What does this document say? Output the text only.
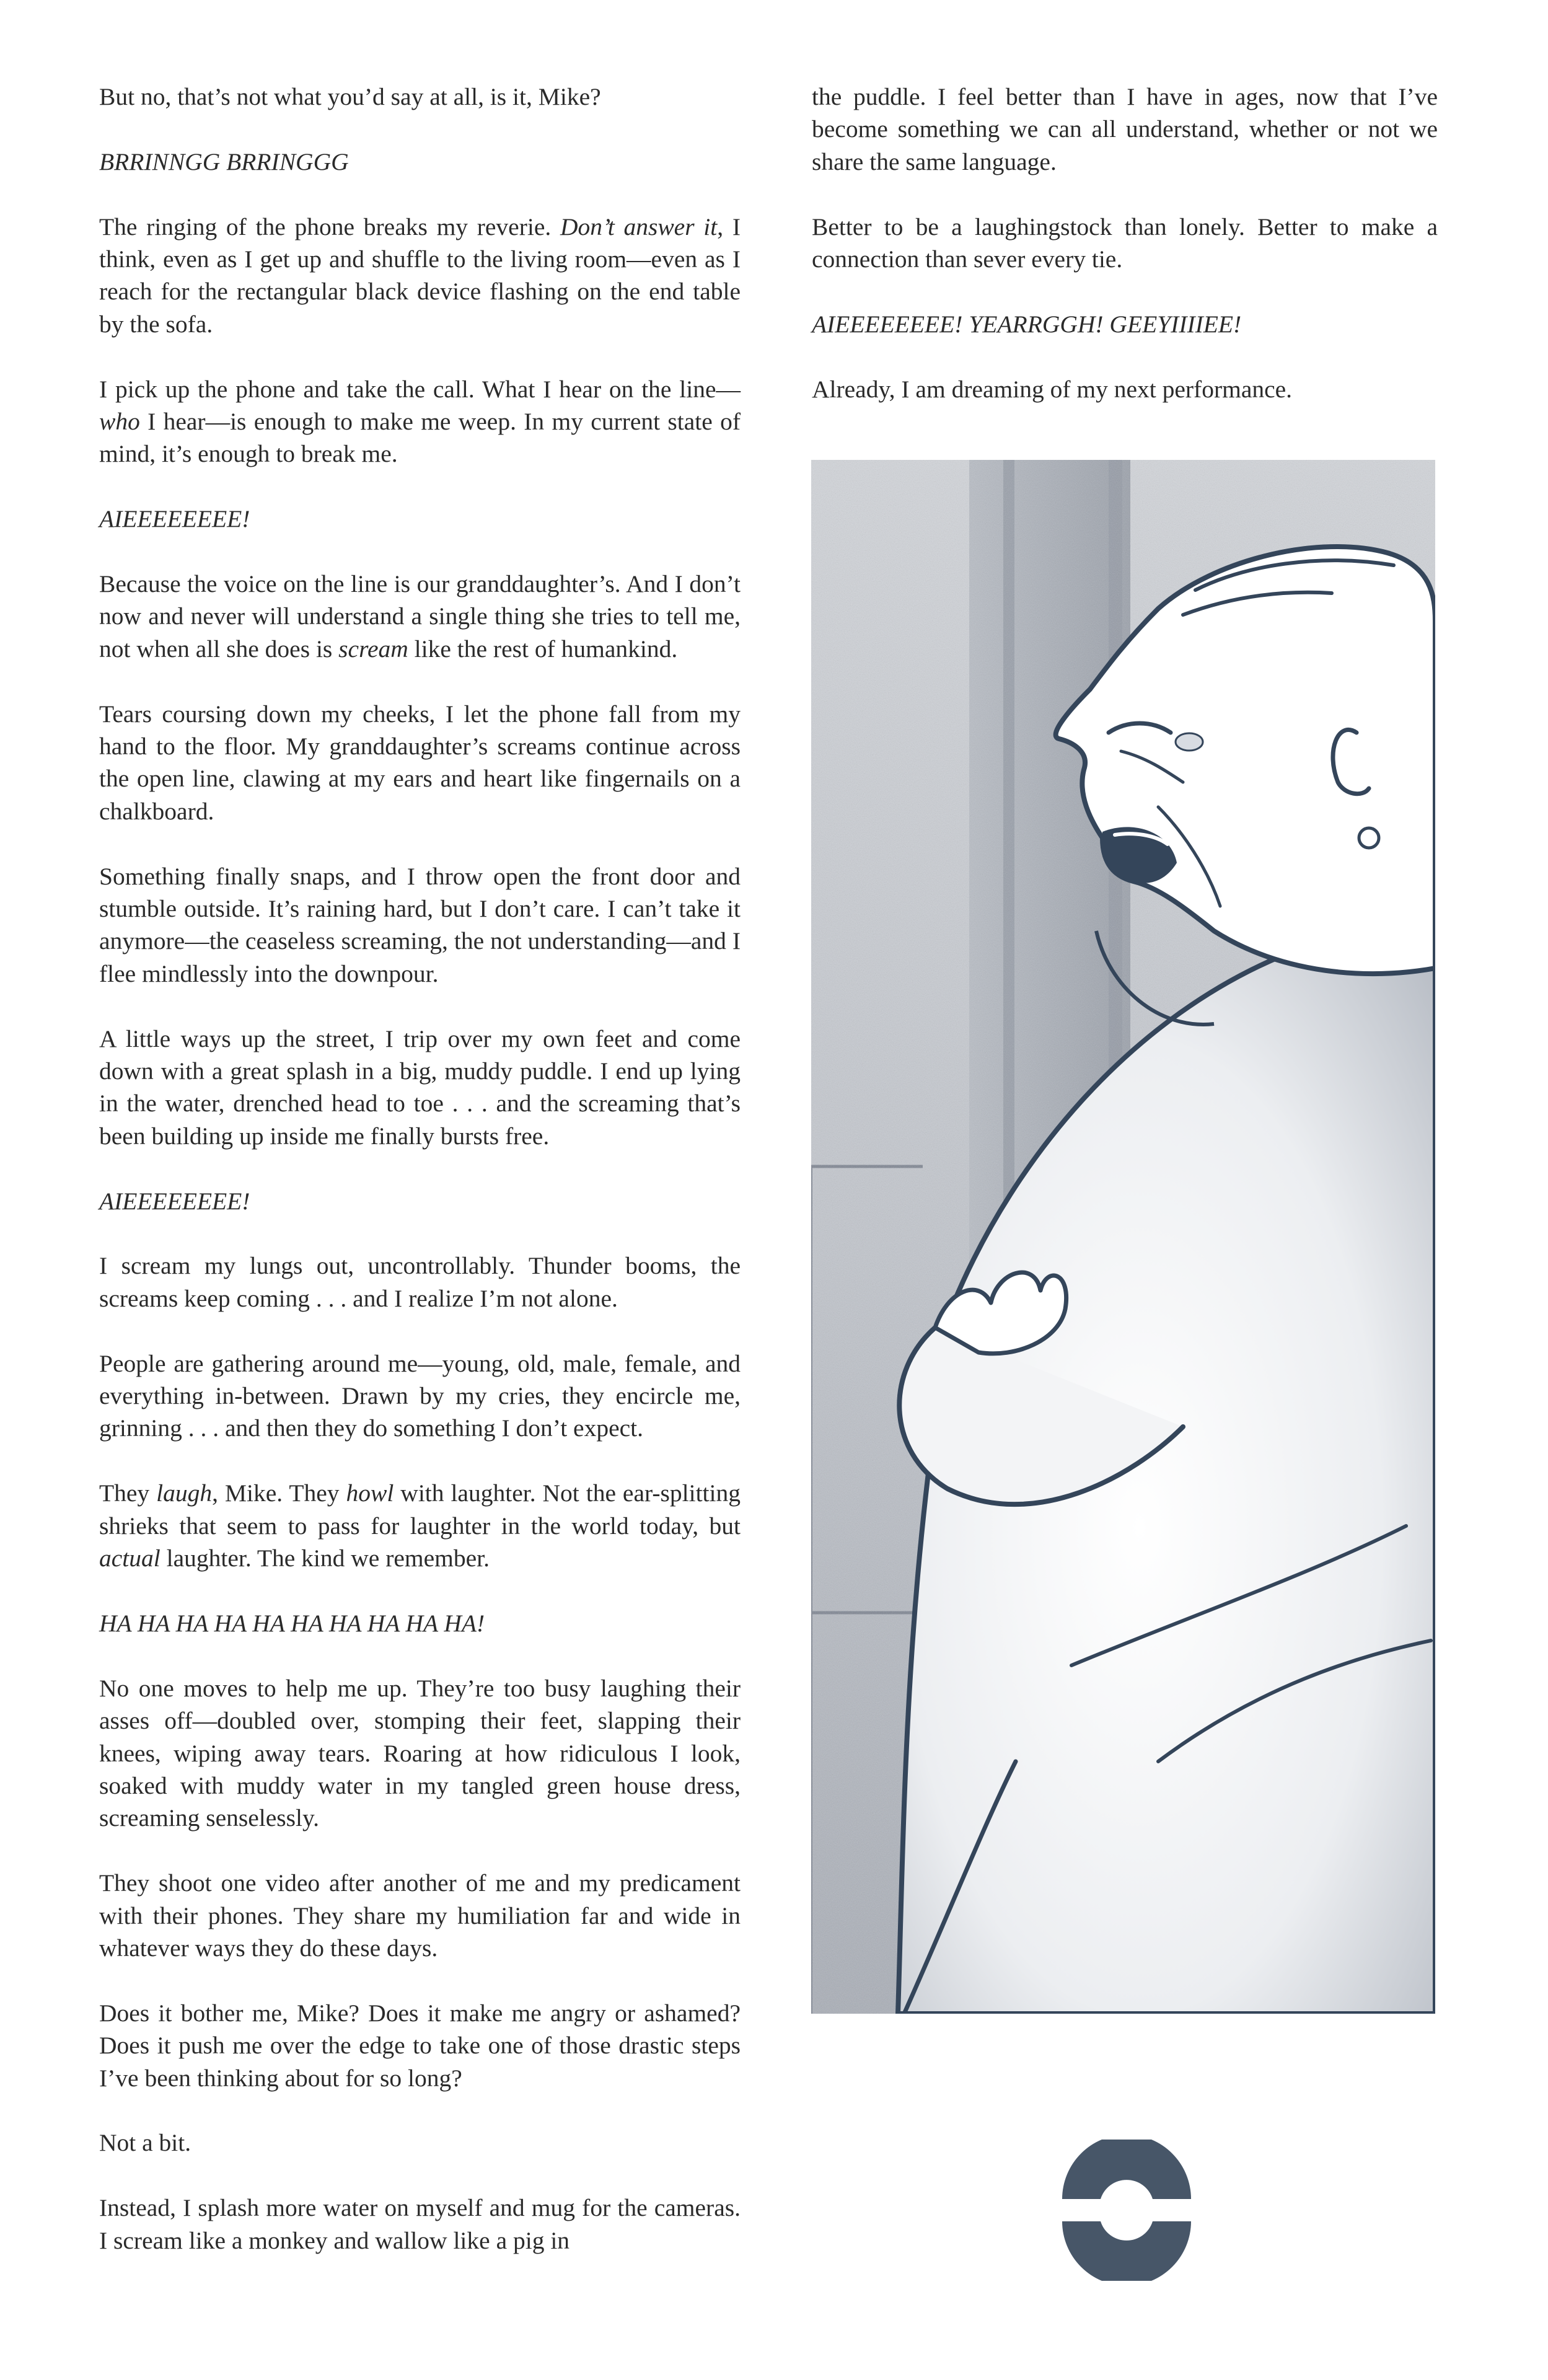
But no, that’s not what you’d say at all, is it, Mike?

BRRINNGG BRRINGGG

The ringing of the phone breaks my reverie. Don’t answer it, I think, even as I get up and shuffle to the living room—even as I reach for the rectangular black device flashing on the end table by the sofa.

I pick up the phone and take the call. What I hear on the line—who I hear—is enough to make me weep. In my current state of mind, it’s enough to break me.

AIEEEEEEEE!

Because the voice on the line is our granddaughter’s. And I don’t now and never will understand a single thing she tries to tell me, not when all she does is scream like the rest of humankind.

Tears coursing down my cheeks, I let the phone fall from my hand to the floor. My granddaughter’s screams continue across the open line, clawing at my ears and heart like fingernails on a chalkboard.

Something finally snaps, and I throw open the front door and stumble outside. It’s raining hard, but I don’t care. I can’t take it anymore—the ceaseless screaming, the not understanding—and I flee mindlessly into the downpour.

A little ways up the street, I trip over my own feet and come down with a great splash in a big, muddy puddle. I end up lying in the water, drenched head to toe . . . and the screaming that’s been building up inside me finally bursts free.

AIEEEEEEEE!

I scream my lungs out, uncontrollably. Thunder booms, the screams keep coming . . . and I realize I’m not alone.

People are gathering around me—young, old, male, female, and everything in-between. Drawn by my cries, they encircle me, grinning . . . and then they do something I don’t expect.

They laugh, Mike. They howl with laughter. Not the ear-splitting shrieks that seem to pass for laughter in the world today, but actual laughter. The kind we remember.

HA HA HA HA HA HA HA HA HA HA!

No one moves to help me up. They’re too busy laughing their asses off—doubled over, stomping their feet, slapping their knees, wiping away tears. Roaring at how ridiculous I look, soaked with muddy water in my tangled green house dress, screaming senselessly.

They shoot one video after another of me and my predicament with their phones. They share my humiliation far and wide in whatever ways they do these days.

Does it bother me, Mike? Does it make me angry or ashamed? Does it push me over the edge to take one of those drastic steps I’ve been thinking about for so long?

Not a bit.

Instead, I splash more water on myself and mug for the cameras. I scream like a monkey and wallow like a pig in

the puddle. I feel better than I have in ages, now that I’ve become something we can all understand, whether or not we share the same language.

Better to be a laughingstock than lonely. Better to make a connection than sever every tie.

AIEEEEEEEE! YEARRGGH! GEEYIIIIEE!

Already, I am dreaming of my next performance.
